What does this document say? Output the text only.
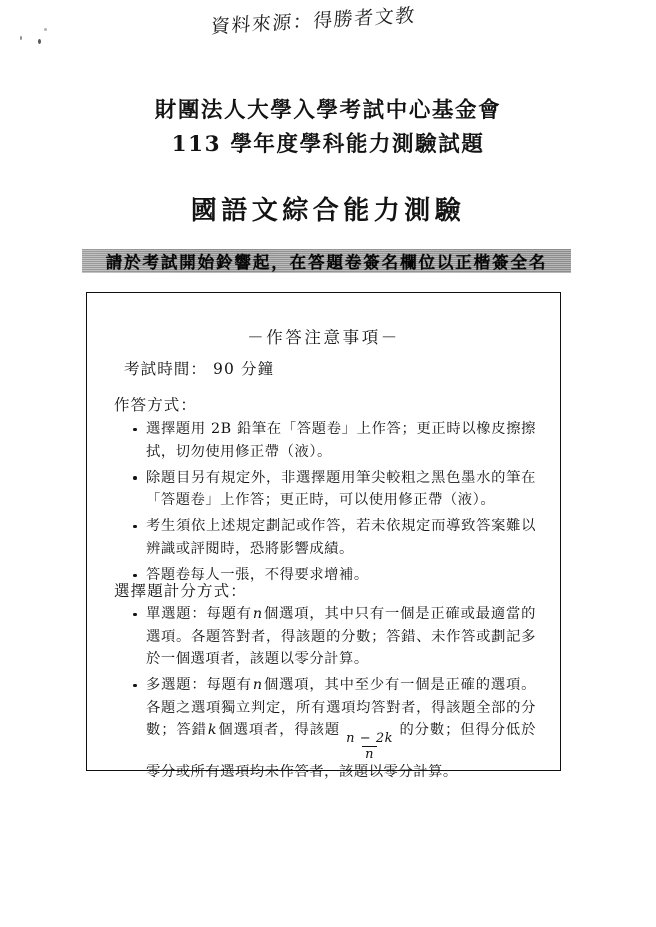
資料來源：得勝者文教
財團法人大學入學考試中心基金會
113 學年度學科能力測驗試題
國語文綜合能力測驗
請於考試開始鈴響起，在答題卷簽名欄位以正楷簽全名
－作答注意事項－
考試時間： 90 分鐘
作答方式：
選擇題用 2B 鉛筆在「答題卷」上作答；更正時以橡皮擦擦拭，切勿使用修正帶（液）。
除題目另有規定外，非選擇題用筆尖較粗之黑色墨水的筆在「答題卷」上作答；更正時，可以使用修正帶（液）。
考生須依上述規定劃記或作答，若未依規定而導致答案難以辨識或評閱時，恐將影響成績。
答題卷每人一張，不得要求增補。
選擇題計分方式：
單選題：每題有n個選項，其中只有一個是正確或最適當的選項。各題答對者，得該題的分數；答錯、未作答或劃記多於一個選項者，該題以零分計算。
多選題：每題有n個選項，其中至少有一個是正確的選項。各題之選項獨立判定，所有選項均答對者，得該題全部的分數；答錯k個選項者，得該題
$\frac{n - 2k}{n}$
的分數；但得分低於零分或所有選項均未作答者，該題以零分計算。
